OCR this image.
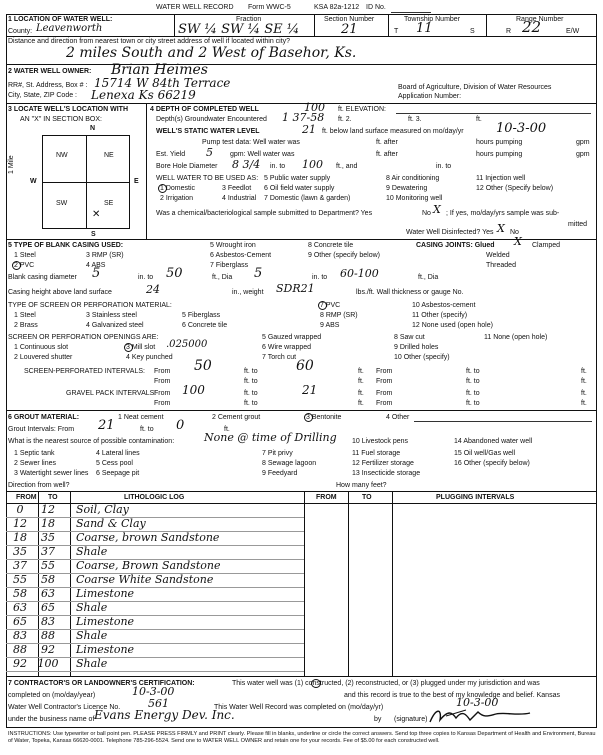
WATER WELL RECORD Form WWC-5	KSA 82a-1212 ID No.
1 LOCATION OF WATER WELL:
County: Leavenworth
Fraction
SW ¼ SW ¼ SE ¼
Section Number
21
Township Number
T 11	S
Range Number
R 22	E/W
Distance and direction from nearest town or city street address of well if located within city?
2 miles South and 2 West of Basehor, Ks.
2 WATER WELL OWNER: Brian Heimes
RR#, St. Address, Box # : 15714 W 84th Terrace
City, State, ZIP Code : Lenexa Ks 66219
Board of Agriculture, Division of Water Resources
Application Number:
3 LOCATE WELL'S LOCATION WITH
AN "X" IN SECTION BOX:
N
S
E
W
NW	NE
SW	SE
✕
1 Mile
4 DEPTH OF COMPLETED WELL	100 ft. ELEVATION:
Depth(s) Groundwater Encountered 1 37-58 ft. 2.	ft. 3.	ft.
WELL'S STATIC WATER LEVEL	21 ft. below land surface measured on mo/day/yr 10-3-00
Pump test data: Well water was	ft. after	hours pumping	gpm
Est. Yield 5 gpm: Well water was	ft. after	hours pumping	gpm
Bore Hole Diameter 8 3/4 in. to 100 ft., and	in. to
WELL WATER TO BE USED AS: 5 Public water supply	8 Air conditioning	11 Injection well
1 Domestic	3 Feedlot 6 Oil field water supply	9 Dewatering	12 Other (Specify below)
2 Irrigation	4 Industrial 7 Domestic (lawn & garden)	10 Monitoring well
Was a chemical/bacteriological sample submitted to Department? Yes	No X ; If yes, mo/day/yrs sample was sub-
mitted
Water Well Disinfected? Yes X No
5 TYPE OF BLANK CASING USED:
1 Steel	3 RMP (SR)
2 PVC	4 ABS
5 Wrought iron
6 Asbestos-Cement
7 Fiberglass
8 Concrete tile
9 Other (specify below)
CASING JOINTS: Glued X Clamped
Welded
Threaded
Blank casing diameter 5	in. to 50	ft., Dia 5	in. to 60-100	ft., Dia
Casing height above land surface	24	in., weight SDR21	lbs./ft. Wall thickness or gauge No.
TYPE OF SCREEN OR PERFORATION MATERIAL:
1 Steel	3 Stainless steel	5 Fiberglass
7 PVC	10 Asbestos-cement
2 Brass	4 Galvanized steel	6 Concrete tile
8 RMP (SR)
9 ABS
11 Other (specify)
12 None used (open hole)
SCREEN OR PERFORATION OPENINGS ARE:
1 Continuous slot	3 Mill slot .025000
5 Gauzed wrapped	8 Saw cut	11 None (open hole)
2 Louvered shutter	4 Key punched
6 Wire wrapped	9 Drilled holes
7 Torch cut	10 Other (specify)
SCREEN-PERFORATED INTERVALS: From 50	ft. to	60	ft. From	ft. to	ft.
From	ft. to	ft. From	ft. to	ft.
GRAVEL PACK INTERVALS:
From 100	ft. to	21	ft. From	ft. to	ft.
From	ft. to	ft. From	ft. to	ft.
6 GROUT MATERIAL:	1 Neat cement	2 Cement grout	3 Bentonite	4 Other
Grout Intervals: From 21	ft. to 0	ft.
What is the nearest source of possible contamination:	None @ time of Drilling
1 Septic tank	4 Lateral lines	7 Pit privy
10 Livestock pens	14 Abandoned water well
2 Sewer lines	5 Cess pool	8 Sewage lagoon
11 Fuel storage	15 Oil well/Gas well
3 Watertight sewer lines 6 Seepage pit	9 Feedyard
12 Fertilizer storage	16 Other (specify below)
13 Insecticide storage
Direction from well?	How many feet?
FROM TO	LITHOLOGIC LOG	FROM	TO	PLUGGING INTERVALS
0	12	Soil, Clay
12	18	Sand & Clay
18	35	Coarse, brown Sandstone
35	37	Shale
37	55	Coarse, Brown Sandstone
55	58	Coarse White Sandstone
58	63	Limestone
63	65	Shale
65	83	Limestone
83	88	Shale
88	92	Limestone
92 100 Shale
7 CONTRACTOR'S OR LANDOWNER'S CERTIFICATION:	This water well was (1) constructed, (2) reconstructed, or (3) plugged under my jurisdiction and was
completed on (mo/day/year)	10-3-00	and this record is true to the best of my knowledge and belief. Kansas
Water Well Contractor's Licence No.	561	This Water Well Record was completed on (mo/day/yr)	10-3-00
under the business name of Evans Energy Dev. Inc.	by (signature)
INSTRUCTIONS: Use typewriter or ball point pen. PLEASE PRESS FIRMLY and PRINT clearly. Please fill in blanks, underline or circle the correct answers. Send top three copies to Kansas Department of Health and Environment, Bureau of Water, Topeka, Kansas 66620-0001. Telephone 785-296-5524. Send one to WATER WELL OWNER and retain one for your records. Fee of $5.00 for each constructed well.
